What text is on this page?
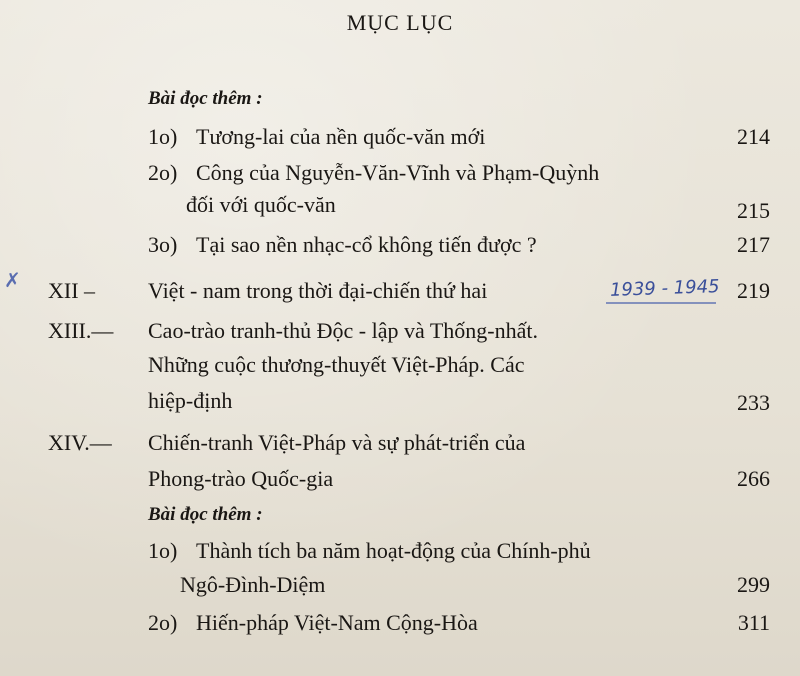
MỤC LỤC
Bài đọc thêm :
1o) Tương-lai của nền quốc-văn mới	214
2o) Công của Nguyễn-Văn-Vĩnh và Phạm-Quỳnh
đối với quốc-văn	215
3o) Tại sao nền nhạc-cổ không tiến được ?	217
✗ XII – Việt - nam trong thời đại-chiến thứ hai	1939 - 1945 219
XIII.— Cao-trào tranh-thủ Độc - lập và Thống-nhất.
Những cuộc thương-thuyết Việt-Pháp. Các
hiệp-định	233
XIV.— Chiến-tranh Việt-Pháp và sự phát-triển của
Phong-trào Quốc-gia	266
Bài đọc thêm :
1o) Thành tích ba năm hoạt-động của Chính-phủ
Ngô-Đình-Diệm	299
2o) Hiến-pháp Việt-Nam Cộng-Hòa	311
